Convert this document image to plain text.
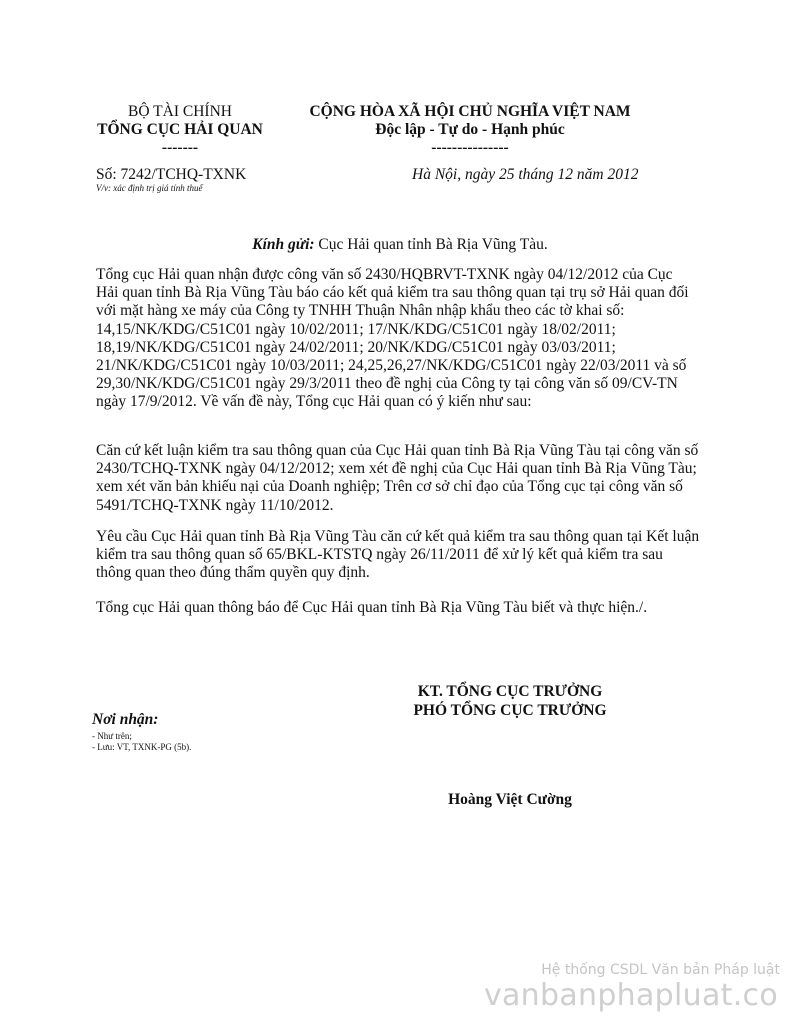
BỘ TÀI CHÍNH
TỔNG CỤC HẢI QUAN
-------
CỘNG HÒA XÃ HỘI CHỦ NGHĨA VIỆT NAM
Độc lập - Tự do - Hạnh phúc
---------------
Số: 7242/TCHQ-TXNK
V/v: xác định trị giá tính thuế
Hà Nội, ngày 25 tháng 12 năm 2012
Kính gửi: Cục Hải quan tỉnh Bà Rịa Vũng Tàu.
Tổng cục Hải quan nhận được công văn số 2430/HQBRVT-TXNK ngày 04/12/2012 của Cục
Hải quan tỉnh Bà Rịa Vũng Tàu báo cáo kết quả kiểm tra sau thông quan tại trụ sở Hải quan đối
với mặt hàng xe máy của Công ty TNHH Thuận Nhân nhập khẩu theo các tờ khai số:
14,15/NK/KDG/C51C01 ngày 10/02/2011; 17/NK/KDG/C51C01 ngày 18/02/2011;
18,19/NK/KDG/C51C01 ngày 24/02/2011; 20/NK/KDG/C51C01 ngày 03/03/2011;
21/NK/KDG/C51C01 ngày 10/03/2011; 24,25,26,27/NK/KDG/C51C01 ngày 22/03/2011 và số
29,30/NK/KDG/C51C01 ngày 29/3/2011 theo đề nghị của Công ty tại công văn số 09/CV-TN
ngày 17/9/2012. Về vấn đề này, Tổng cục Hải quan có ý kiến như sau:
Căn cứ kết luận kiểm tra sau thông quan của Cục Hải quan tỉnh Bà Rịa Vũng Tàu tại công văn số
2430/TCHQ-TXNK ngày 04/12/2012; xem xét đề nghị của Cục Hải quan tỉnh Bà Rịa Vũng Tàu;
xem xét văn bản khiếu nại của Doanh nghiệp; Trên cơ sở chỉ đạo của Tổng cục tại công văn số
5491/TCHQ-TXNK ngày 11/10/2012.
Yêu cầu Cục Hải quan tỉnh Bà Rịa Vũng Tàu căn cứ kết quả kiểm tra sau thông quan tại Kết luận
kiểm tra sau thông quan số 65/BKL-KTSTQ ngày 26/11/2011 để xử lý kết quả kiểm tra sau
thông quan theo đúng thẩm quyền quy định.
Tổng cục Hải quan thông báo để Cục Hải quan tỉnh Bà Rịa Vũng Tàu biết và thực hiện./.
KT. TỔNG CỤC TRƯỞNG
PHÓ TỔNG CỤC TRƯỞNG
Hoàng Việt Cường
Nơi nhận:
- Như trên;
- Lưu: VT, TXNK-PG (5b).
Hệ thống CSDL Văn bản Pháp luật
vanbanphapluat.co
